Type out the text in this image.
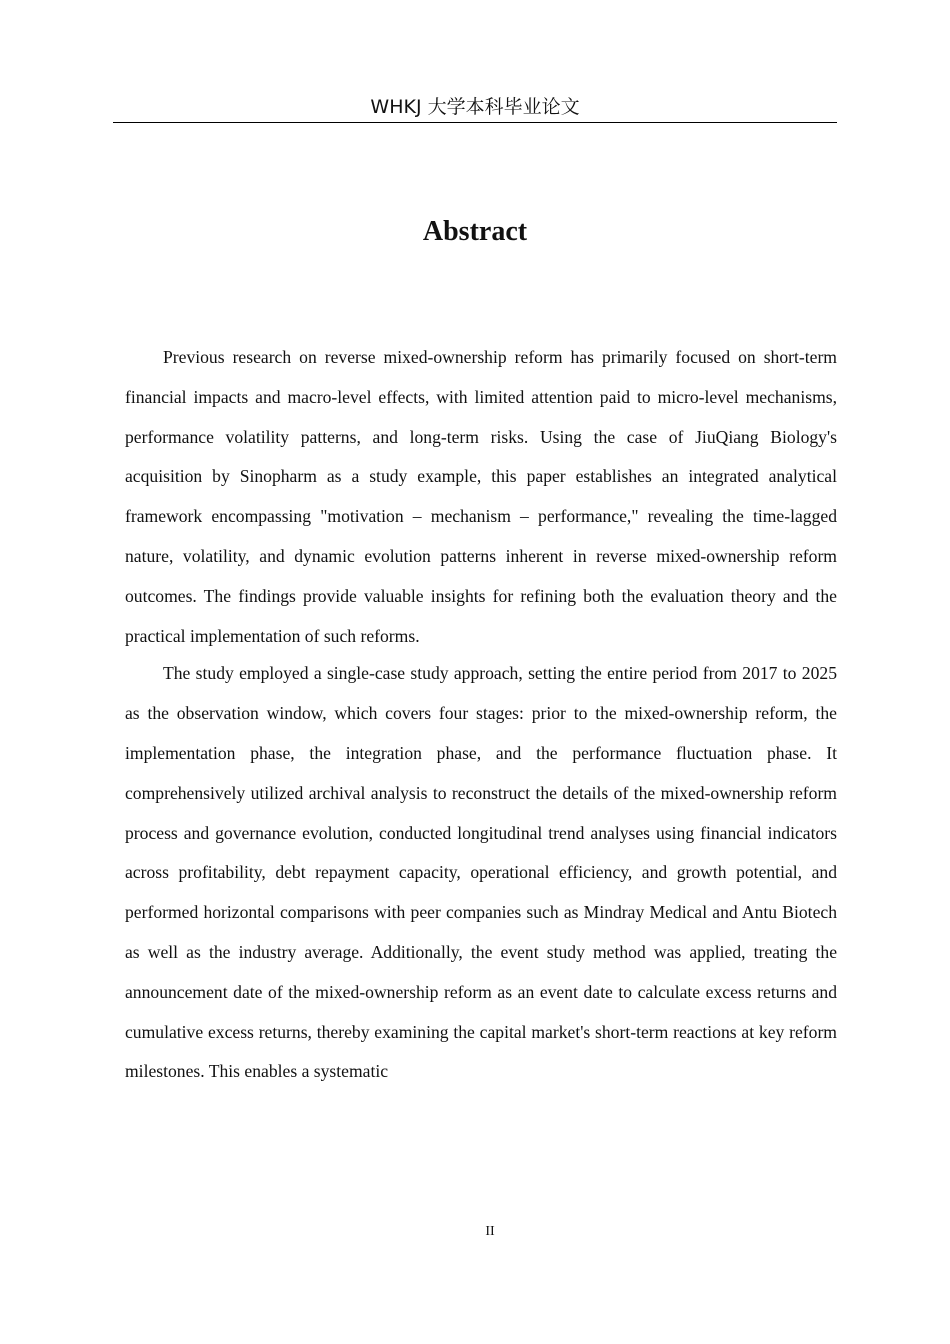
WHKJ 大学本科毕业论文
Abstract

Previous research on reverse mixed-ownership reform has primarily focused on short-term financial impacts and macro-level effects, with limited attention paid to micro-level mechanisms, performance volatility patterns, and long-term risks. Using the case of JiuQiang Biology's acquisition by Sinopharm as a study example, this paper establishes an integrated analytical framework encompassing "motivation – mechanism – performance," revealing the time-lagged nature, volatility, and dynamic evolution patterns inherent in reverse mixed-ownership reform outcomes. The findings provide valuable insights for refining both the evaluation theory and the practical implementation of such reforms.

The study employed a single-case study approach, setting the entire period from 2017 to 2025 as the observation window, which covers four stages: prior to the mixed-ownership reform, the implementation phase, the integration phase, and the performance fluctuation phase. It comprehensively utilized archival analysis to reconstruct the details of the mixed-ownership reform process and governance evolution, conducted longitudinal trend analyses using financial indicators across profitability, debt repayment capacity, operational efficiency, and growth potential, and performed horizontal comparisons with peer companies such as Mindray Medical and Antu Biotech as well as the industry average. Additionally, the event study method was applied, treating the announcement date of the mixed-ownership reform as an event date to calculate excess returns and cumulative excess returns, thereby examining the capital market's short-term reactions at key reform milestones. This enables a systematic

II
